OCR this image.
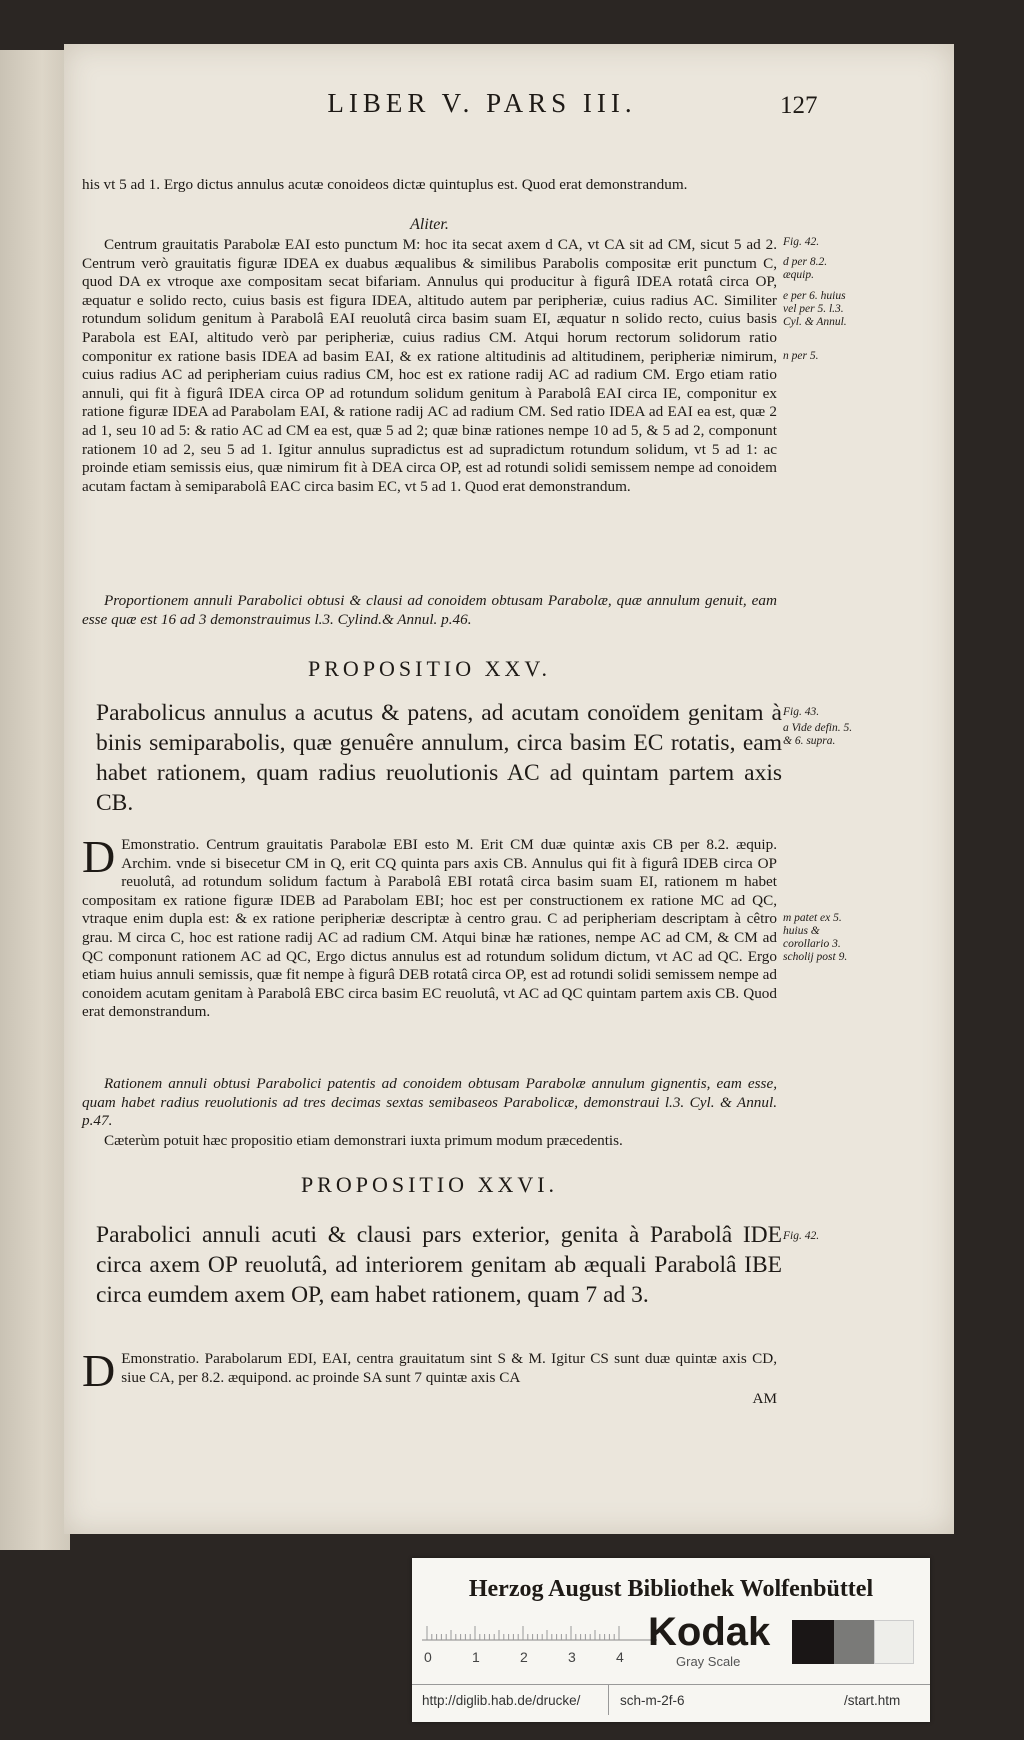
LIBER V. PARS III.	127

his vt 5 ad 1. Ergo dictus annulus acutæ conoideos dictæ quintuplus est. Quod erat demonstrandum.

Aliter.
Centrum grauitatis Parabolæ EAI esto punctum M: hoc ita secat axem d CA, vt CA sit ad CM, sicut 5 ad 2. Centrum verò grauitatis figuræ IDEA ex duabus æqualibus & similibus Parabolis compositæ erit punctum C, quod DA ex vtroque axe compositam secat bifariam. Annulus qui producitur à figurâ IDEA rotatâ circa OP, æquatur e solido recto, cuius basis est figura IDEA, altitudo autem par peripheriæ, cuius radius AC. Similiter rotundum solidum genitum à Parabolâ EAI reuolutâ circa basim suam EI, æquatur n solido recto, cuius basis Parabola est EAI, altitudo verò par peripheriæ, cuius radius CM. Atqui horum rectorum solidorum ratio componitur ex ratione basis IDEA ad basim EAI, & ex ratione altitudinis ad altitudinem, peripheriæ nimirum, cuius radius AC ad peripheriam cuius radius CM, hoc est ex ratione radij AC ad radium CM. Ergo etiam ratio annuli, qui fit à figurâ IDEA circa OP ad rotundum solidum genitum à Parabolâ EAI circa IE, componitur ex ratione figuræ IDEA ad Parabolam EAI, & ratione radij AC ad radium CM. Sed ratio IDEA ad EAI ea est, quæ 2 ad 1, seu 10 ad 5: & ratio AC ad CM ea est, quæ 5 ad 2; quæ binæ rationes nempe 10 ad 5, & 5 ad 2, componunt rationem 10 ad 2, seu 5 ad 1. Igitur annulus supradictus est ad supradictum rotundum solidum, vt 5 ad 1: ac proinde etiam semissis eius, quæ nimirum fit à DEA circa OP, est ad rotundi solidi semissem nempe ad conoidem acutam factam à semiparabolâ EAC circa basim EC, vt 5 ad 1. Quod erat demonstrandum.
Proportionem annuli Parabolici obtusi & clausi ad conoidem obtusam Parabolæ, quæ annulum genuit, eam esse quæ est 16 ad 3 demonstrauimus l.3. Cylind.& Annul. p.46.
PROPOSITIO XXV.
Parabolicus annulus a acutus & patens, ad acutam conoïdem genitam à binis semiparabolis, quæ genuêre annulum, circa basim EC rotatis, eam habet rationem, quam radius reuolutionis AC ad quintam partem axis CB.
D Emonstratio. Centrum grauitatis Parabolæ EBI esto M. Erit CM duæ quintæ axis CB per 8.2. æquip. Archim. vnde si bisecetur CM in Q, erit CQ quinta pars axis CB. Annulus qui fit à figurâ IDEB circa OP reuolutâ, ad rotundum solidum factum à Parabolâ EBI rotatâ circa basim suam EI, rationem m habet compositam ex ratione figuræ IDEB ad Parabolam EBI; hoc est per constructionem ex ratione MC ad QC, vtraque enim dupla est: & ex ratione peripheriæ descriptæ à centro grau. C ad peripheriam descriptam à cêtro grau. M circa C, hoc est ratione radij AC ad radium CM. Atqui binæ hæ rationes, nempe AC ad CM, & CM ad QC componunt rationem AC ad QC, Ergo dictus annulus est ad rotundum solidum dictum, vt AC ad QC. Ergo etiam huius annuli semissis, quæ fit nempe à figurâ DEB rotatâ circa OP, est ad rotundi solidi semissem nempe ad conoidem acutam genitam à Parabolâ EBC circa basim EC reuolutâ, vt AC ad QC quintam partem axis CB. Quod erat demonstrandum.
Rationem annuli obtusi Parabolici patentis ad conoidem obtusam Parabolæ annulum gignentis, eam esse, quam habet radius reuolutionis ad tres decimas sextas semibaseos Parabolicæ, demonstraui l.3. Cyl. & Annul. p.47.
Cæterùm potuit hæc propositio etiam demonstrari iuxta primum modum præcedentis.
PROPOSITIO XXVI.
Parabolici annuli acuti & clausi pars exterior, genita à Parabolâ IDE circa axem OP reuolutâ, ad interiorem genitam ab æquali Parabolâ IBE circa eumdem axem OP, eam habet rationem, quam 7 ad 3.
D Emonstratio. Parabolarum EDI, EAI, centra grauitatum sint S & M. Igitur CS sunt duæ quintæ axis CD, siue CA, per 8.2. æquipond. ac proinde SA sunt 7 quintæ axis CA
AM
Fig. 42.
d per 8.2. æquip.
e per 6. huius vel per 5. l.3. Cyl. & Annul.
n per 5.
Fig. 43.
a Vide defin. 5. & 6. supra.
m patet ex 5. huius & corollario 3. scholij post 9.
Fig. 42.
Herzog August Bibliothek Wolfenbüttel
0	1	2	3	4
Kodak
Gray Scale
http://diglib.hab.de/drucke/	sch-m-2f-6	/start.htm
